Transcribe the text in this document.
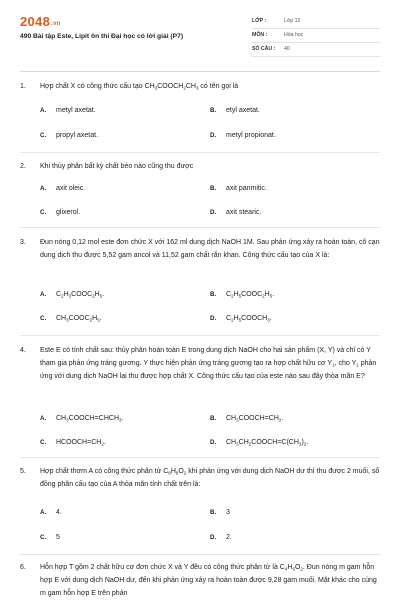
2048.vn
490 Bài tập Este, Lipit ôn thi Đại học có lời giải (P7)
LỚP :	Lớp 12
MÔN :	Hóa học
SỐ CÂU : 40
1. Hợp chất X có công thức cấu tạo $CH_3COOCH_2CH_3$ có tên gọi là
A. metyl axetat.	B. etyl axetat.
C. propyl axetat.	D. metyl propionat.
2. Khi thủy phân bất kỳ chất béo nào cũng thu được
A. axit oleic.	B. axit panmitic.
C. glixerol.	D. axit stearic.
3. Đun nóng 0,12 mol este đơn chức X với 162 ml dung dịch NaOH 1M. Sau phản ứng xảy ra hoàn toàn, cô cạn dung dịch thu được 5,52 gam ancol và 11,52 gam chất rắn khan. Công thức cấu tạo của X là:
A. $C_2H_3COOC_2H_5$.	B. $C_2H_5COOC_2H_5$.
C. $CH_3COOC_2H_5$.	D. $C_2H_5COOCH_3$.
4. Este E có tính chất sau: thủy phân hoàn toàn E trong dung dịch NaOH cho hai sản phẩm (X, Y) và chỉ có Y tham gia phản ứng tráng gương. Y thực hiện phản ứng tráng gương tạo ra hợp chất hữu cơ $Y_1$, cho $Y_1$ phản ứng với dung dịch NaOH lại thu được hợp chất X. Công thức cấu tạo của este nào sau đây thỏa mãn E?
A. $CH_3COOCH=CHCH_3$.	B. $CH_3COOCH=CH_2$.
C. $HCOOCH=CH_2$.	D. $CH_3CH_2COOCH=C(CH_3)_2$.
5. Hợp chất thơm A có công thức phân tử $C_8H_8O_2$ khi phản ứng với dung dịch NaOH dư thì thu được 2 muối, số đồng phân cấu tạo của A thỏa mãn tính chất trên là:
A. 4.	B. 3
C. 5	D. 2.
6. Hỗn hợp T gồm 2 chất hữu cơ đơn chức X và Y đều có công thức phân tử là $C_4H_6O_2$. Đun nóng m gam hỗn hợp E với dung dịch NaOH dư, đến khi phản ứng xảy ra hoàn toàn được 9,28 gam muối. Mặt khác cho cùng m gam hỗn hợp E trên phản
